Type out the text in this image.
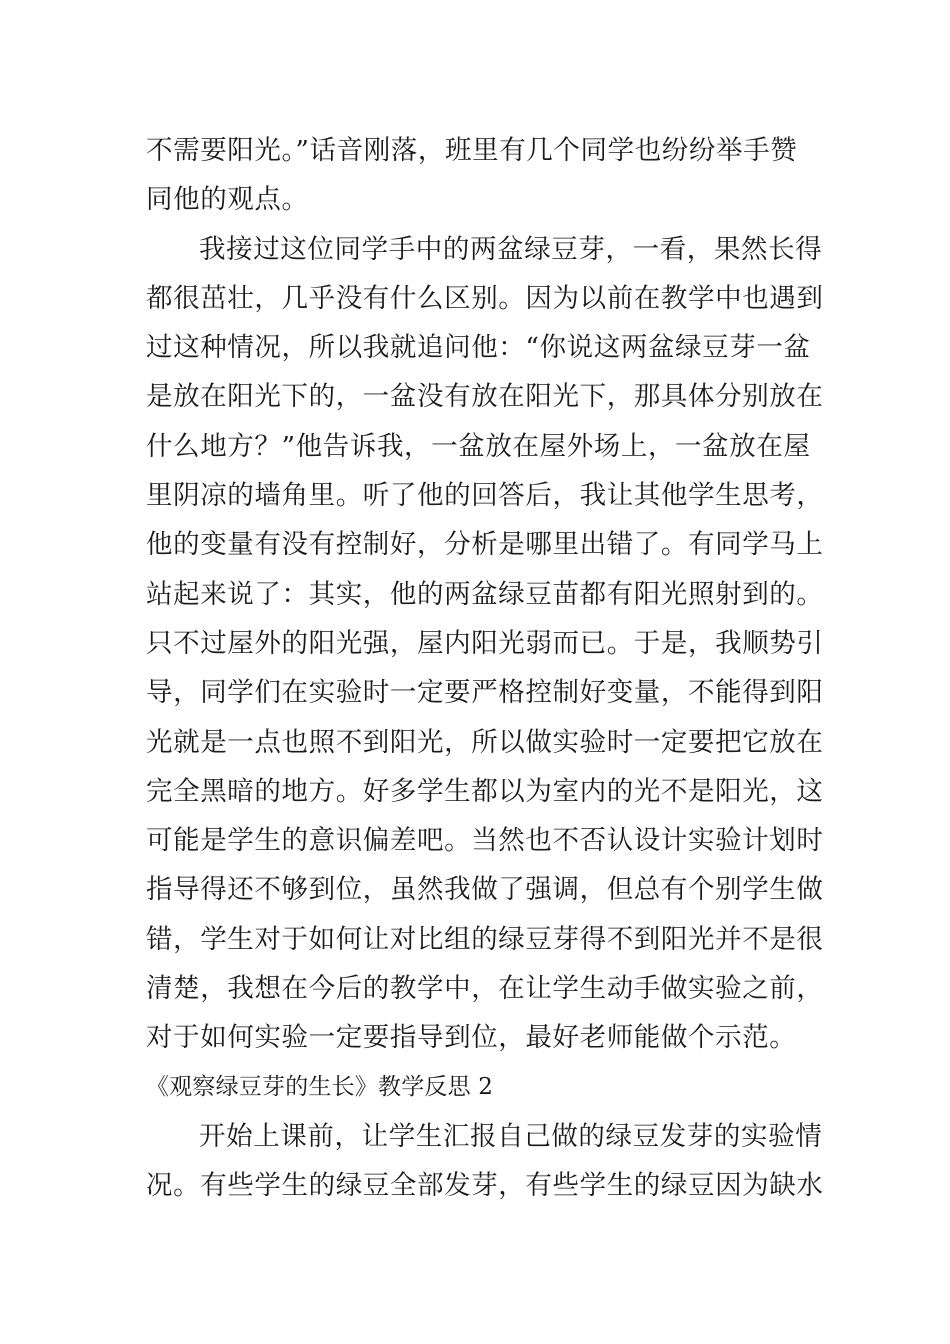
不需要阳光。”话音刚落，班里有几个同学也纷纷举手赞
同他的观点。
我接过这位同学手中的两盆绿豆芽，一看，果然长得
都很茁壮，几乎没有什么区别。因为以前在教学中也遇到
过这种情况，所以我就追问他：“你说这两盆绿豆芽一盆
是放在阳光下的，一盆没有放在阳光下，那具体分别放在
什么地方？”他告诉我，一盆放在屋外场上，一盆放在屋
里阴凉的墙角里。听了他的回答后，我让其他学生思考，
他的变量有没有控制好，分析是哪里出错了。有同学马上
站起来说了：其实，他的两盆绿豆苗都有阳光照射到的。
只不过屋外的阳光强，屋内阳光弱而已。于是，我顺势引
导，同学们在实验时一定要严格控制好变量，不能得到阳
光就是一点也照不到阳光，所以做实验时一定要把它放在
完全黑暗的地方。好多学生都以为室内的光不是阳光，这
可能是学生的意识偏差吧。当然也不否认设计实验计划时
指导得还不够到位，虽然我做了强调，但总有个别学生做
错，学生对于如何让对比组的绿豆芽得不到阳光并不是很
清楚，我想在今后的教学中，在让学生动手做实验之前，
对于如何实验一定要指导到位，最好老师能做个示范。
《观察绿豆芽的生长》教学反思 2
开始上课前，让学生汇报自己做的绿豆发芽的实验情
况。有些学生的绿豆全部发芽，有些学生的绿豆因为缺水
